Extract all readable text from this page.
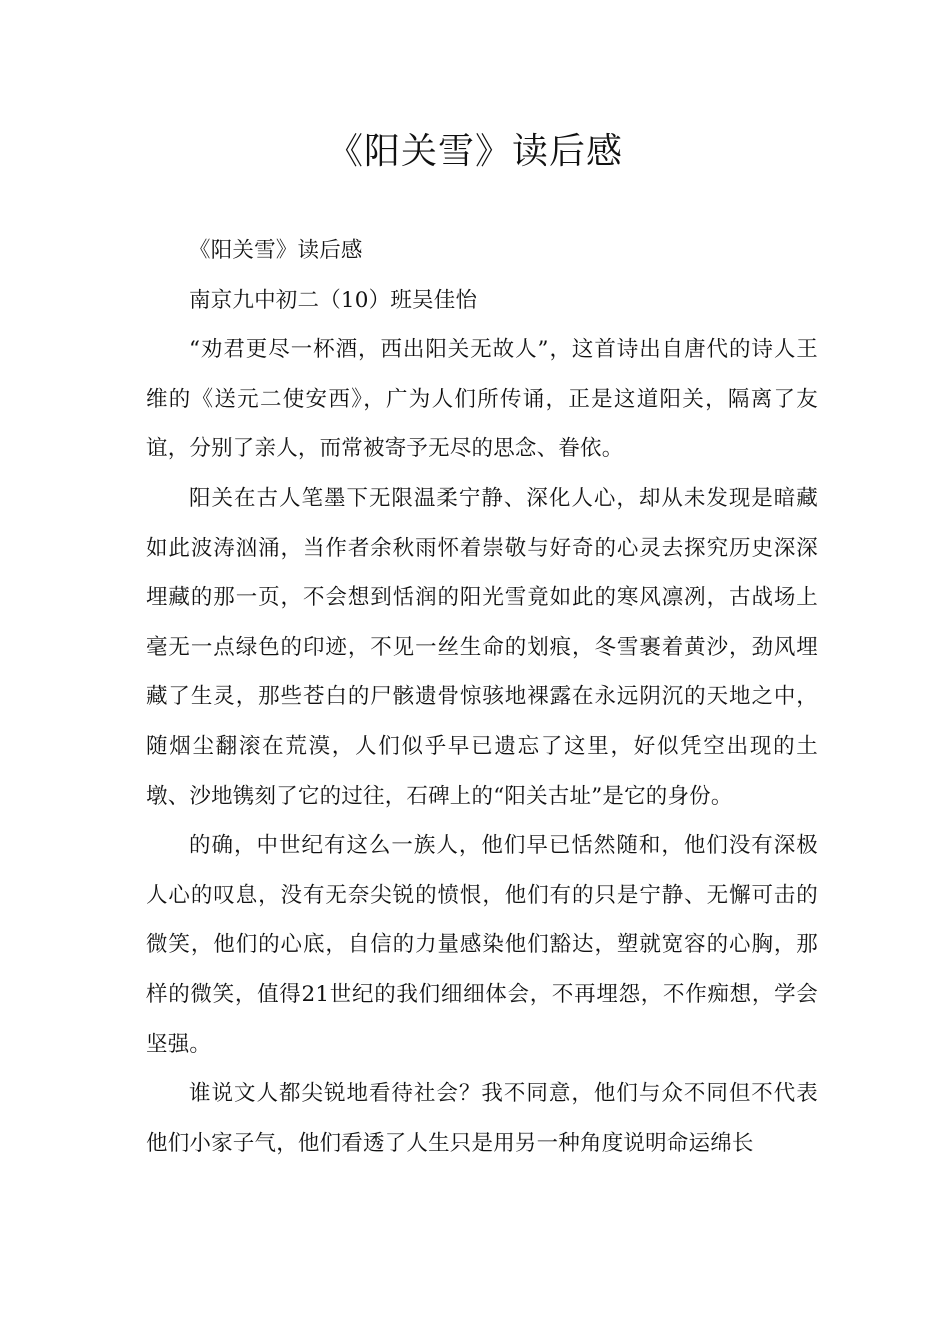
《阳关雪》读后感

《阳关雪》读后感

南京九中初二（10）班吴佳怡

“劝君更尽一杯酒，西出阳关无故人”，这首诗出自唐代的诗人王维的《送元二使安西》，广为人们所传诵，正是这道阳关，隔离了友谊，分别了亲人，而常被寄予无尽的思念、眷依。

阳关在古人笔墨下无限温柔宁静、深化人心，却从未发现是暗藏如此波涛汹涌，当作者余秋雨怀着崇敬与好奇的心灵去探究历史深深埋藏的那一页，不会想到恬润的阳光雪竟如此的寒风凛冽，古战场上毫无一点绿色的印迹，不见一丝生命的划痕，冬雪裹着黄沙，劲风埋藏了生灵，那些苍白的尸骸遗骨惊骇地裸露在永远阴沉的天地之中，随烟尘翻滚在荒漠，人们似乎早已遗忘了这里，好似凭空出现的土墩、沙地镌刻了它的过往，石碑上的“阳关古址”是它的身份。

的确，中世纪有这么一族人，他们早已恬然随和，他们没有深极人心的叹息，没有无奈尖锐的愤恨，他们有的只是宁静、无懈可击的微笑，他们的心底，自信的力量感染他们豁达，塑就宽容的心胸，那样的微笑，值得21世纪的我们细细体会，不再埋怨，不作痴想，学会坚强。

谁说文人都尖锐地看待社会？我不同意，他们与众不同但不代表他们小家子气，他们看透了人生只是用另一种角度说明命运绵长
